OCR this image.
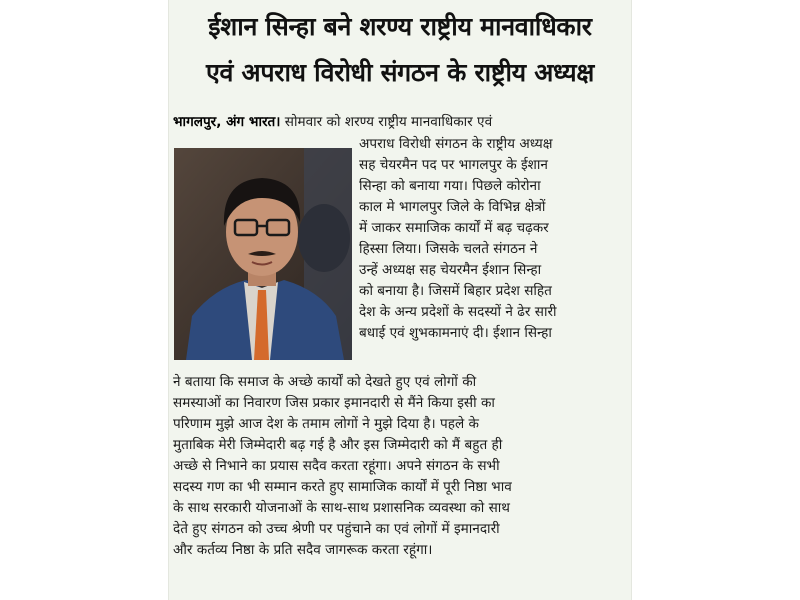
ईशान सिन्हा बने शरण्य राष्ट्रीय मानवाधिकार
एवं अपराध विरोधी संगठन के राष्ट्रीय अध्यक्ष
भागलपुर, अंग भारत। सोमवार को शरण्य राष्ट्रीय मानवाधिकार एवं
अपराध विरोधी संगठन के राष्ट्रीय अध्यक्ष
सह चेयरमैन पद पर भागलपुर के ईशान
सिन्हा को बनाया गया। पिछले कोरोना
काल मे भागलपुर जिले के विभिन्न क्षेत्रों
में जाकर समाजिक कार्यों में बढ़ चढ़कर
हिस्सा लिया। जिसके चलते संगठन ने
उन्हें अध्यक्ष सह चेयरमैन ईशान सिन्हा
को बनाया है। जिसमें बिहार प्रदेश सहित
देश के अन्य प्रदेशों के सदस्यों ने ढेर सारी
बधाई एवं शुभकामनाएं दी। ईशान सिन्हा
ने बताया कि समाज के अच्छे कार्यों को देखते हुए एवं लोगों की
समस्याओं का निवारण जिस प्रकार इमानदारी से मैंने किया इसी का
परिणाम मुझे आज देश के तमाम लोगों ने मुझे दिया है। पहले के
मुताबिक मेरी जिम्मेदारी बढ़ गई है और इस जिम्मेदारी को मैं बहुत ही
अच्छे से निभाने का प्रयास सदैव करता रहूंगा। अपने संगठन के सभी
सदस्य गण का भी सम्मान करते हुए सामाजिक कार्यों में पूरी निष्ठा भाव
के साथ सरकारी योजनाओं के साथ-साथ प्रशासनिक व्यवस्था को साथ
देते हुए संगठन को उच्च श्रेणी पर पहुंचाने का एवं लोगों में इमानदारी
और कर्तव्य निष्ठा के प्रति सदैव जागरूक करता रहूंगा।
